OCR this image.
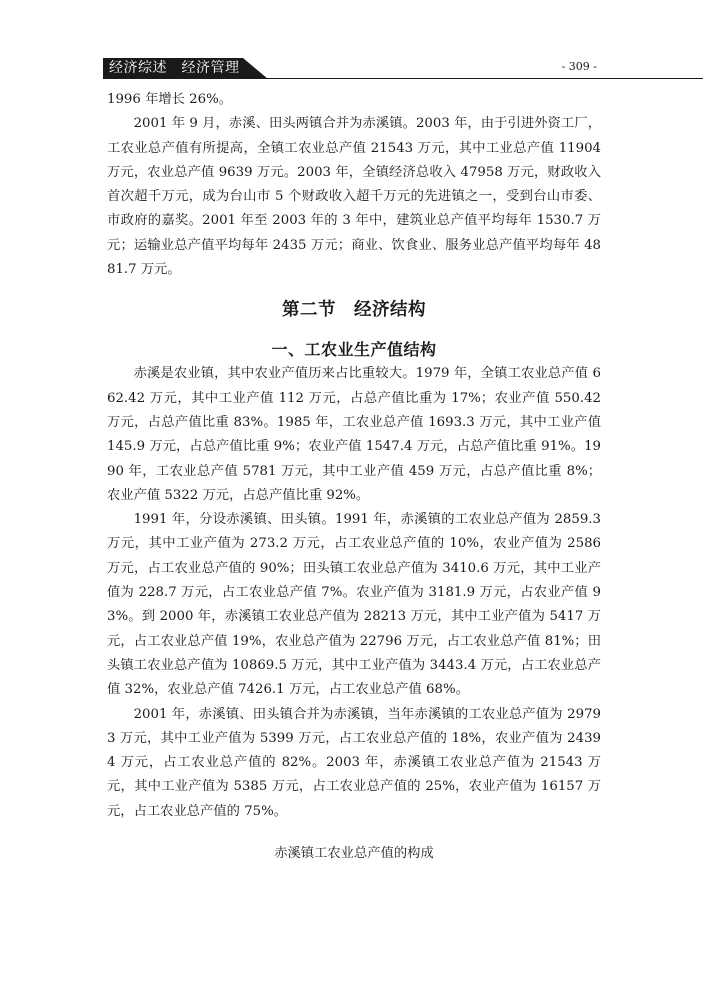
经济综述　经济管理	- 309 -

1996 年增长 26%。

2001 年 9 月，赤溪、田头两镇合并为赤溪镇。2003 年，由于引进外资工厂，工农业总产值有所提高，全镇工农业总产值 21543 万元，其中工业总产值 11904 万元，农业总产值 9639 万元。2003 年，全镇经济总收入 47958 万元，财政收入首次超千万元，成为台山市 5 个财政收入超千万元的先进镇之一，受到台山市委、市政府的嘉奖。2001 年至 2003 年的 3 年中，建筑业总产值平均每年 1530.7 万元；运输业总产值平均每年 2435 万元；商业、饮食业、服务业总产值平均每年 4881.7 万元。

第二节　经济结构
一、工农业生产值结构

赤溪是农业镇，其中农业产值历来占比重较大。1979 年，全镇工农业总产值 662.42 万元，其中工业产值 112 万元，占总产值比重为 17%；农业产值 550.42 万元，占总产值比重 83%。1985 年，工农业总产值 1693.3 万元，其中工业产值 145.9 万元，占总产值比重 9%；农业产值 1547.4 万元，占总产值比重 91%。1990 年，工农业总产值 5781 万元，其中工业产值 459 万元，占总产值比重 8%；农业产值 5322 万元，占总产值比重 92%。

1991 年，分设赤溪镇、田头镇。1991 年，赤溪镇的工农业总产值为 2859.3 万元，其中工业产值为 273.2 万元，占工农业总产值的 10%，农业产值为 2586 万元，占工农业总产值的 90%；田头镇工农业总产值为 3410.6 万元，其中工业产值为 228.7 万元，占工农业总产值 7%。农业产值为 3181.9 万元，占农业产值 93%。到 2000 年，赤溪镇工农业总产值为 28213 万元，其中工业产值为 5417 万元，占工农业总产值 19%，农业总产值为 22796 万元，占工农业总产值 81%；田头镇工农业总产值为 10869.5 万元，其中工业产值为 3443.4 万元，占工农业总产值 32%，农业总产值 7426.1 万元，占工农业总产值 68%。

2001 年，赤溪镇、田头镇合并为赤溪镇，当年赤溪镇的工农业总产值为 29793 万元，其中工业产值为 5399 万元，占工农业总产值的 18%，农业产值为 24394 万元，占工农业总产值的 82%。2003 年，赤溪镇工农业总产值为 21543 万元，其中工业产值为 5385 万元，占工农业总产值的 25%，农业产值为 16157 万元，占工农业总产值的 75%。

赤溪镇工农业总产值的构成
